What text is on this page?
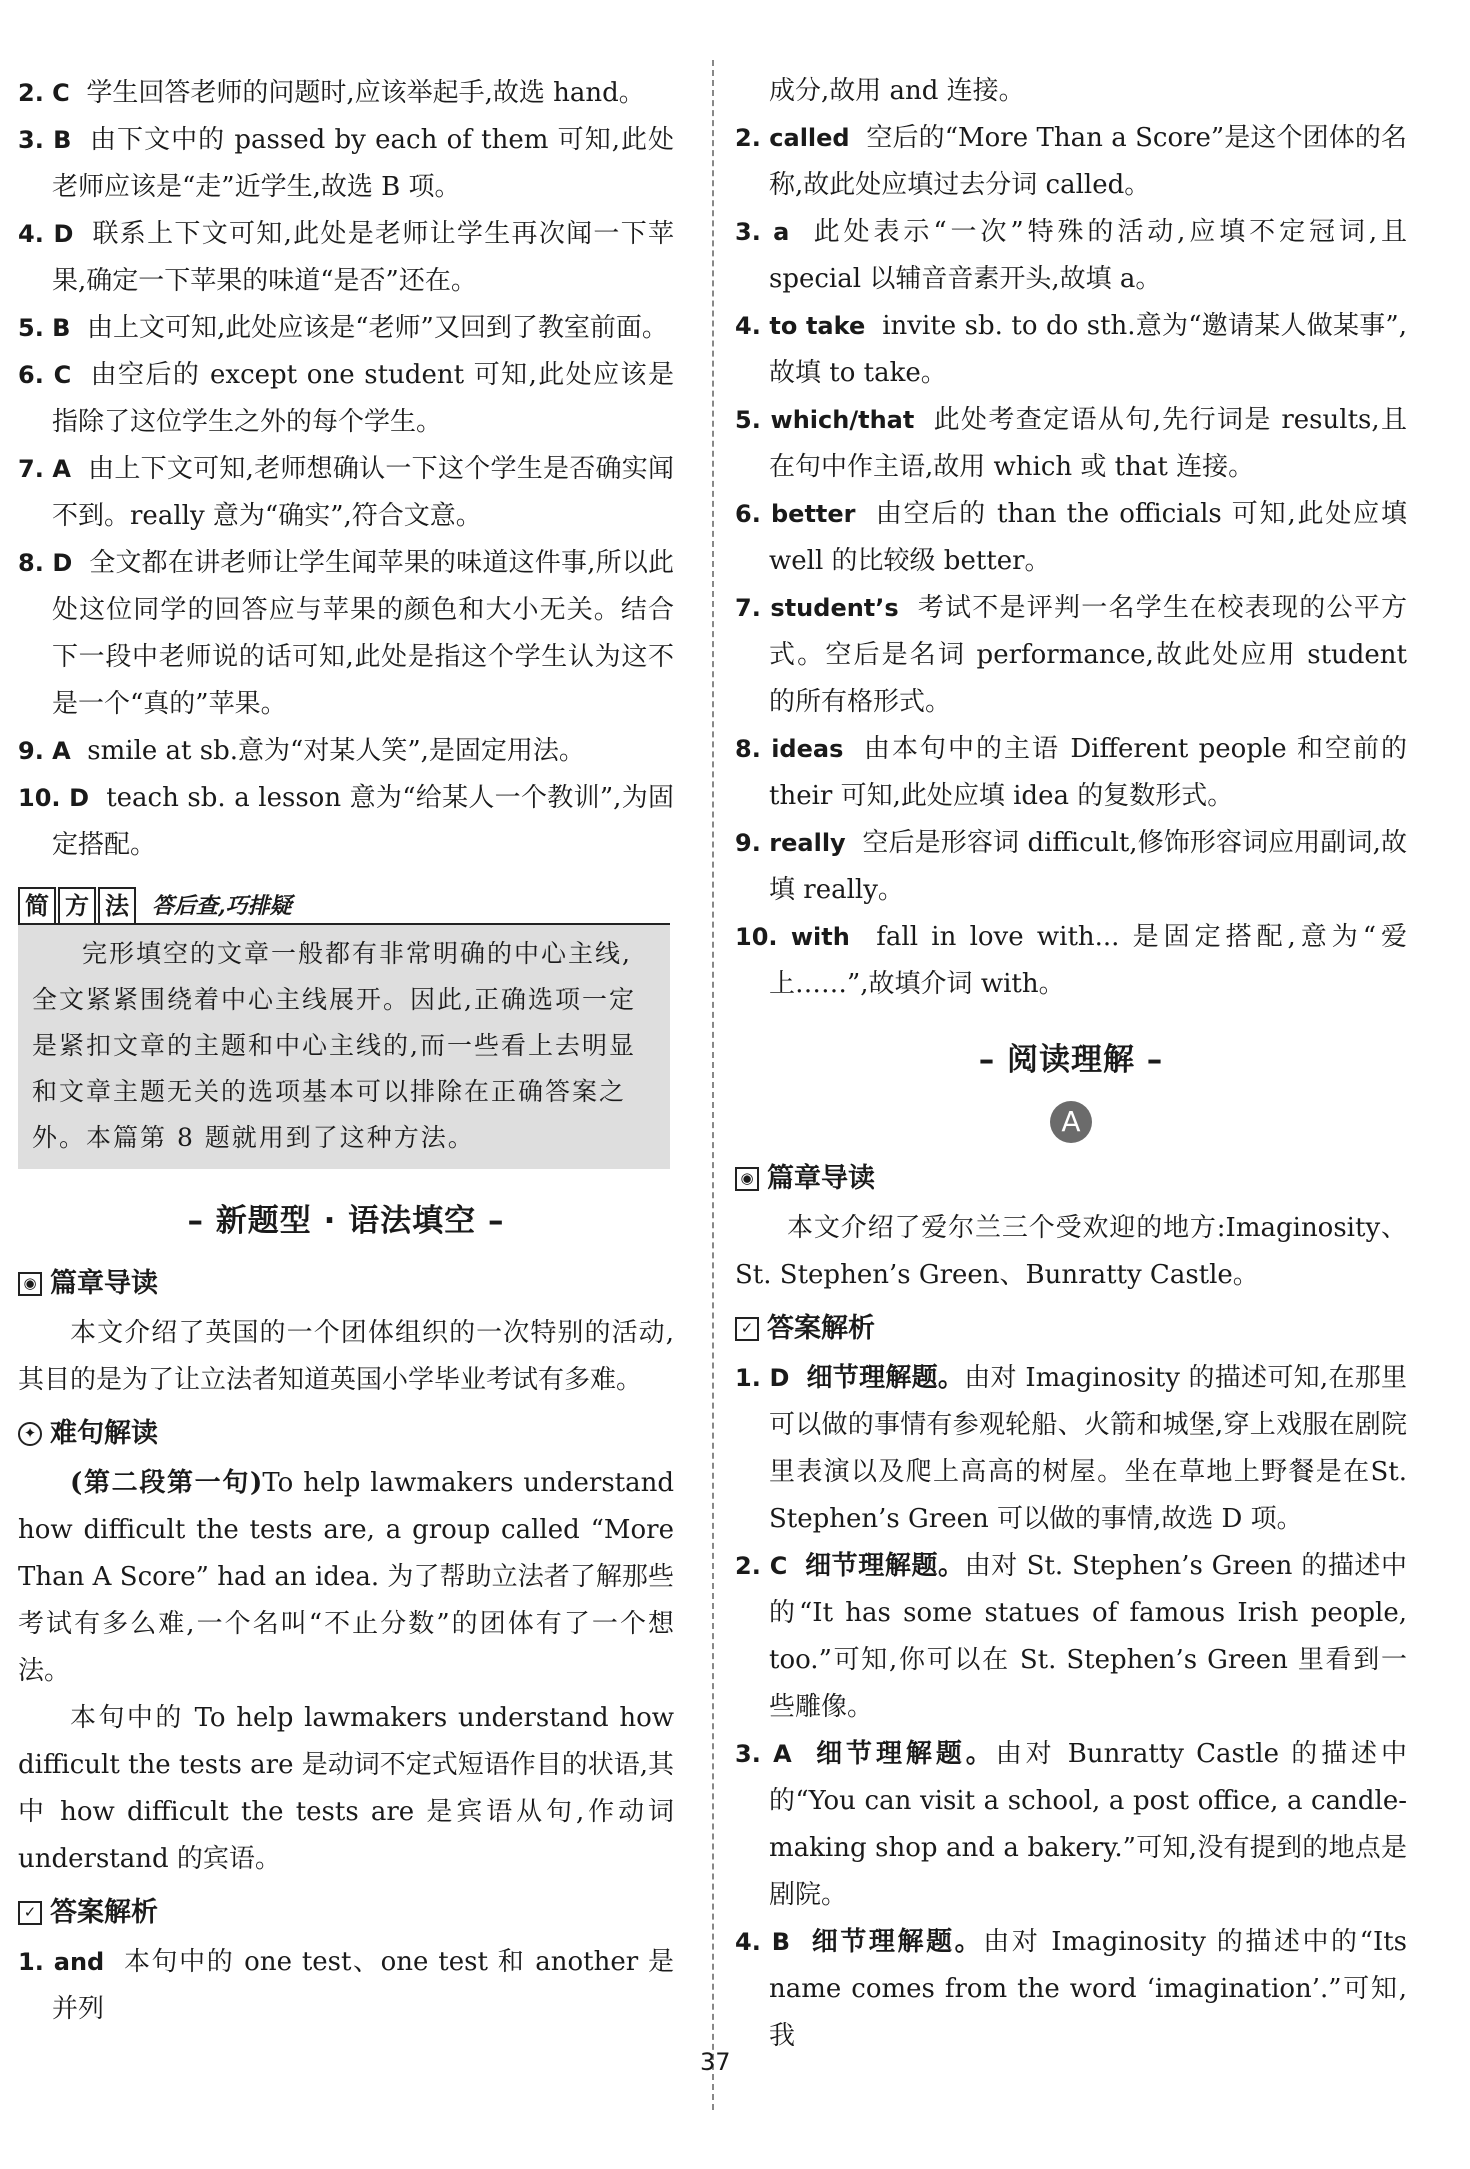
2. C 学生回答老师的问题时,应该举起手,故选 hand。

3. B 由下文中的 passed by each of them 可知,此处老师应该是“走”近学生,故选 B 项。

4. D 联系上下文可知,此处是老师让学生再次闻一下苹果,确定一下苹果的味道“是否”还在。

5. B 由上文可知,此处应该是“老师”又回到了教室前面。

6. C 由空后的 except one student 可知,此处应该是指除了这位学生之外的每个学生。

7. A 由上下文可知,老师想确认一下这个学生是否确实闻不到。really 意为“确实”,符合文意。

8. D 全文都在讲老师让学生闻苹果的味道这件事,所以此处这位同学的回答应与苹果的颜色和大小无关。结合下一段中老师说的话可知,此处是指这个学生认为这不是一个“真的”苹果。

9. A smile at sb.意为“对某人笑”,是固定用法。

10. D teach sb. a lesson 意为“给某人一个教训”,为固定搭配。

简 方 法	答后查,巧排疑
完形填空的文章一般都有非常明确的中心主线,全文紧紧围绕着中心主线展开。因此,正确选项一定是紧扣文章的主题和中心主线的,而一些看上去明显和文章主题无关的选项基本可以排除在正确答案之外。本篇第 8 题就用到了这种方法。
– 新题型 · 语法填空 –
◉ 篇章导读

本文介绍了英国的一个团体组织的一次特别的活动,其目的是为了让立法者知道英国小学毕业考试有多难。

✦ 难句解读

(第二段第一句)To help lawmakers understand how difficult the tests are, a group called “More Than A Score” had an idea. 为了帮助立法者了解那些考试有多么难,一个名叫“不止分数”的团体有了一个想法。

本句中的 To help lawmakers understand how difficult the tests are 是动词不定式短语作目的状语,其中 how difficult the tests are 是宾语从句,作动词 understand 的宾语。

✓ 答案解析

1. and 本句中的 one test、one test 和 another 是并列

成分,故用 and 连接。

2. called 空后的“More Than a Score”是这个团体的名称,故此处应填过去分词 called。

3. a 此处表示“一次”特殊的活动,应填不定冠词,且 special 以辅音音素开头,故填 a。

4. to take invite sb. to do sth.意为“邀请某人做某事”,故填 to take。

5. which/that 此处考查定语从句,先行词是 results,且在句中作主语,故用 which 或 that 连接。

6. better 由空后的 than the officials 可知,此处应填 well 的比较级 better。

7. student’s 考试不是评判一名学生在校表现的公平方式。空后是名词 performance,故此处应用 student 的所有格形式。

8. ideas 由本句中的主语 Different people 和空前的 their 可知,此处应填 idea 的复数形式。

9. really 空后是形容词 difficult,修饰形容词应用副词,故填 really。

10. with fall in love with... 是固定搭配,意为“爱上……”,故填介词 with。

– 阅读理解 –
A
◉ 篇章导读

本文介绍了爱尔兰三个受欢迎的地方:Imaginosity、St. Stephen’s Green、Bunratty Castle。

✓ 答案解析

1. D 细节理解题。由对 Imaginosity 的描述可知,在那里可以做的事情有参观轮船、火箭和城堡,穿上戏服在剧院里表演以及爬上高高的树屋。坐在草地上野餐是在St. Stephen’s Green 可以做的事情,故选 D 项。

2. C 细节理解题。由对 St. Stephen’s Green 的描述中的“It has some statues of famous Irish people, too.”可知,你可以在 St. Stephen’s Green 里看到一些雕像。

3. A 细节理解题。由对 Bunratty Castle 的描述中的“You can visit a school, a post office, a candle-making shop and a bakery.”可知,没有提到的地点是剧院。

4. B 细节理解题。由对 Imaginosity 的描述中的“Its name comes from the word ‘imagination’.”可知,我

37
